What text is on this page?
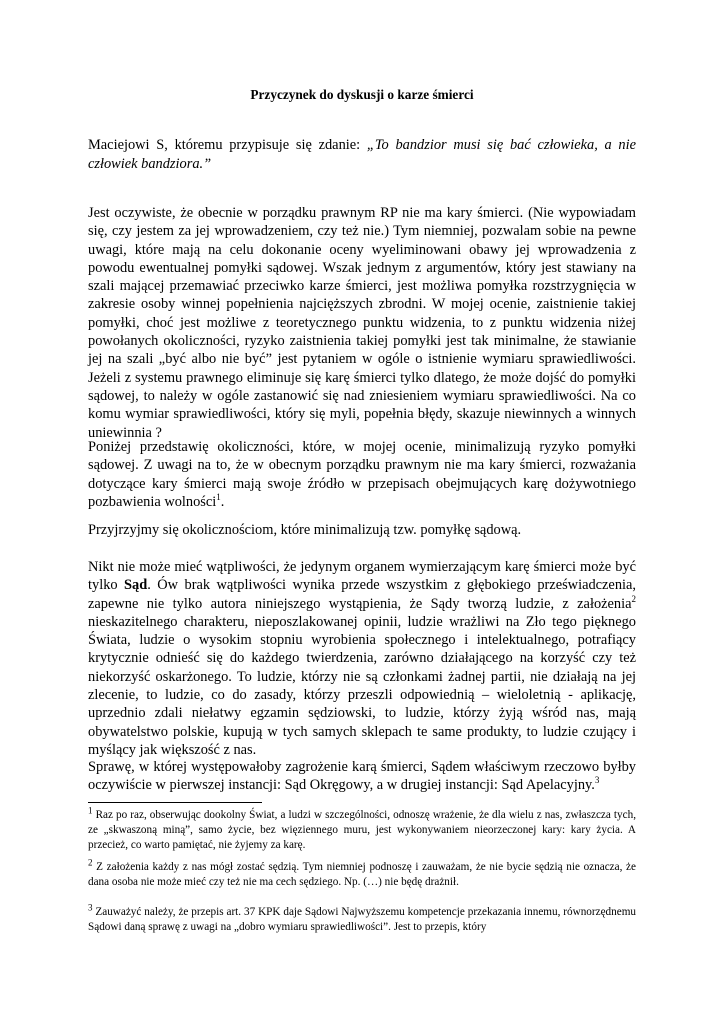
Przyczynek do dyskusji o karze śmierci

Maciejowi S, któremu przypisuje się zdanie: „To bandzior musi się bać człowieka, a nie człowiek bandziora.”

Jest oczywiste, że obecnie w porządku prawnym RP nie ma kary śmierci. (Nie wypowiadam się, czy jestem za jej wprowadzeniem, czy też nie.) Tym niemniej, pozwalam sobie na pewne uwagi, które mają na celu dokonanie oceny wyeliminowani obawy jej wprowadzenia z powodu ewentualnej pomyłki sądowej. Wszak jednym z argumentów, który jest stawiany na szali mającej przemawiać przeciwko karze śmierci, jest możliwa pomyłka rozstrzygnięcia w zakresie osoby winnej popełnienia najcięższych zbrodni. W mojej ocenie, zaistnienie takiej pomyłki, choć jest możliwe z teoretycznego punktu widzenia, to z punktu widzenia niżej powołanych okoliczności, ryzyko zaistnienia takiej pomyłki jest tak minimalne, że stawianie jej na szali „być albo nie być” jest pytaniem w ogóle o istnienie wymiaru sprawiedliwości. Jeżeli z systemu prawnego eliminuje się karę śmierci tylko dlatego, że może dojść do pomyłki sądowej, to należy w ogóle zastanowić się nad zniesieniem wymiaru sprawiedliwości. Na co komu wymiar sprawiedliwości, który się myli, popełnia błędy, skazuje niewinnych a winnych uniewinnia ?

Poniżej przedstawię okoliczności, które, w mojej ocenie, minimalizują ryzyko pomyłki sądowej. Z uwagi na to, że w obecnym porządku prawnym nie ma kary śmierci, rozważania dotyczące kary śmierci mają swoje źródło w przepisach obejmujących karę dożywotniego pozbawienia wolności$^1$.

Przyjrzyjmy się okolicznościom, które minimalizują tzw. pomyłkę sądową.

Nikt nie może mieć wątpliwości, że jedynym organem wymierzającym karę śmierci może być tylko Sąd. Ów brak wątpliwości wynika przede wszystkim z głębokiego przeświadczenia, zapewne nie tylko autora niniejszego wystąpienia, że Sądy tworzą ludzie, z założenia$^2$ nieskazitelnego charakteru, nieposzlakowanej opinii, ludzie wrażliwi na Zło tego pięknego Świata, ludzie o wysokim stopniu wyrobienia społecznego i intelektualnego, potrafiący krytycznie odnieść się do każdego twierdzenia, zarówno działającego na korzyść czy też niekorzyść oskarżonego. To ludzie, którzy nie są członkami żadnej partii, nie działają na jej zlecenie, to ludzie, co do zasady, którzy przeszli odpowiednią – wieloletnią - aplikację, uprzednio zdali niełatwy egzamin sędziowski, to ludzie, którzy żyją wśród nas, mają obywatelstwo polskie, kupują w tych samych sklepach te same produkty, to ludzie czujący i myślący jak większość z nas.

Sprawę, w której występowałoby zagrożenie karą śmierci, Sądem właściwym rzeczowo byłby oczywiście w pierwszej instancji: Sąd Okręgowy, a w drugiej instancji: Sąd Apelacyjny.$^3$

$^1$ Raz po raz, obserwując dookolny Świat, a ludzi w szczególności, odnoszę wrażenie, że dla wielu z nas, zwłaszcza tych, ze „skwaszoną miną”, samo życie, bez więziennego muru, jest wykonywaniem nieorzeczonej kary: kary życia. A przecież, co warto pamiętać, nie żyjemy za karę.

$^2$ Z założenia każdy z nas mógł zostać sędzią. Tym niemniej podnoszę i zauważam, że nie bycie sędzią nie oznacza, że dana osoba nie może mieć czy też nie ma cech sędziego. Np. (…) nie będę drażnił.

$^3$ Zauważyć należy, że przepis art. 37 KPK daje Sądowi Najwyższemu kompetencje przekazania innemu, równorzędnemu Sądowi daną sprawę z uwagi na „dobro wymiaru sprawiedliwości”. Jest to przepis, który
